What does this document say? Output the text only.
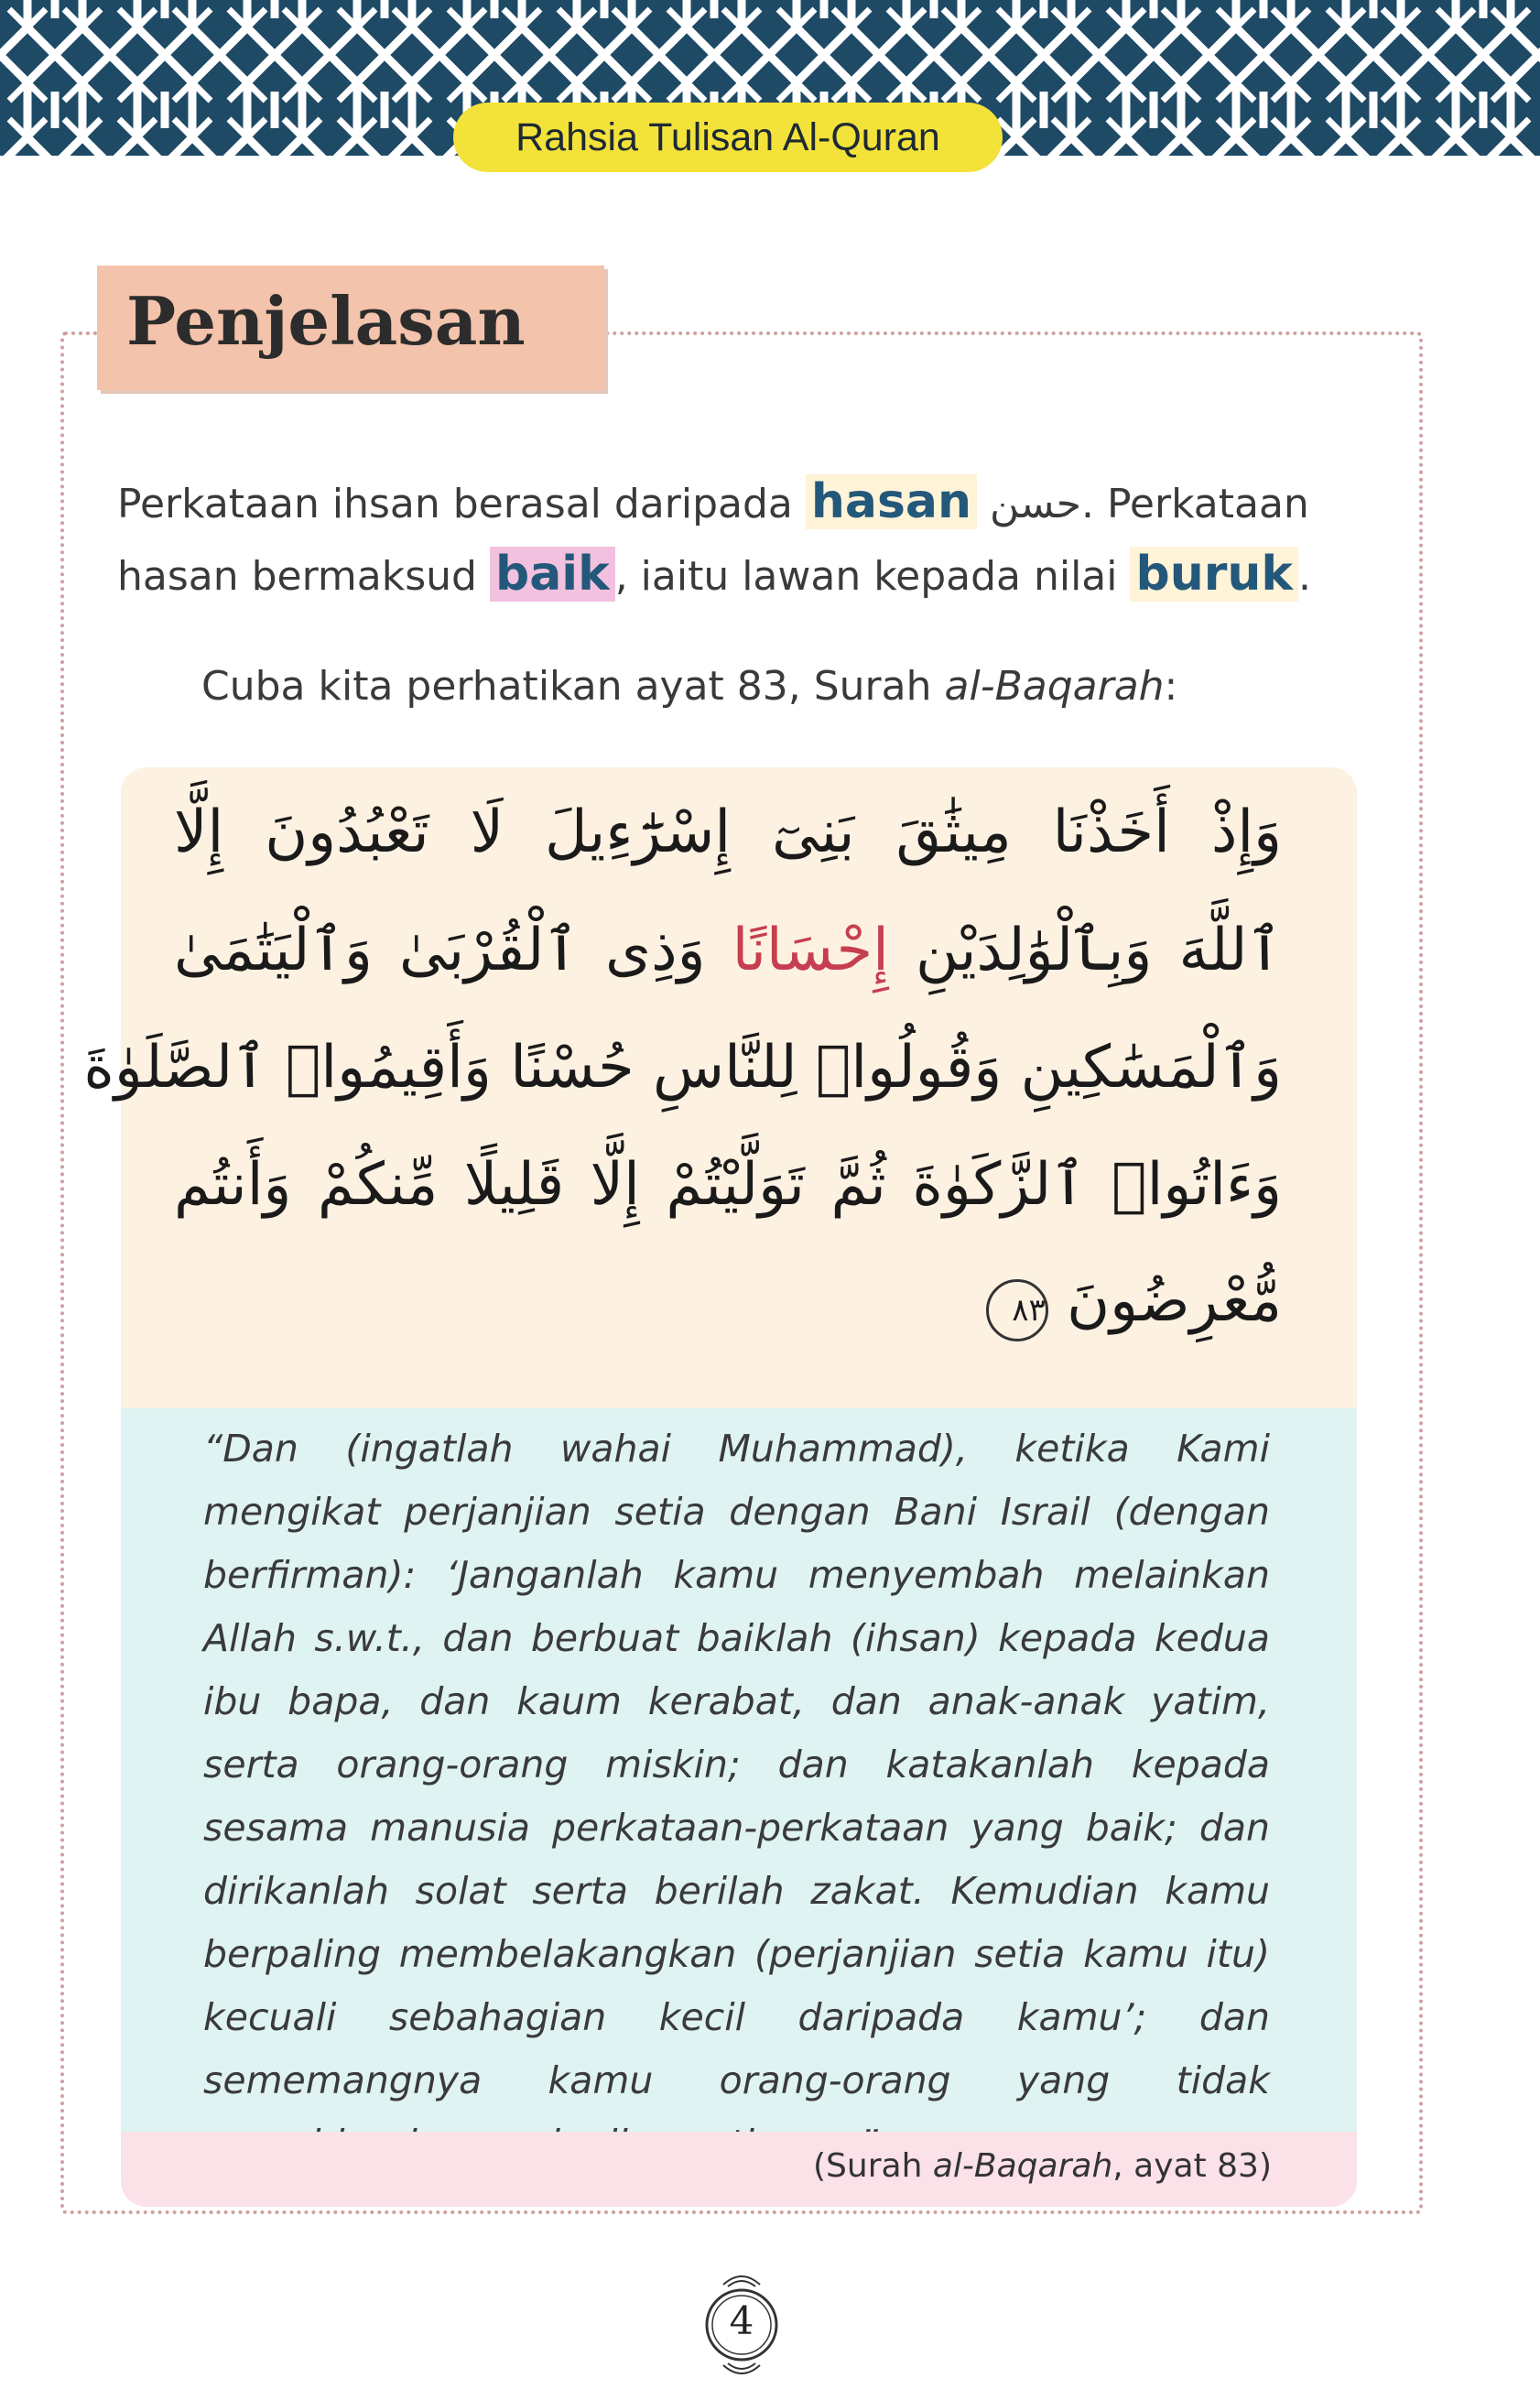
Rahsia Tulisan Al-Quran
Penjelasan
Perkataan ihsan berasal daripada hasan حسن. Perkataan hasan bermaksud baik , iaitu lawan kepada nilai buruk .
Cuba kita perhatikan ayat 83, Surah al-Baqarah:
وَإِذْ أَخَذْنَا مِيثَٰقَ بَنِىٓ إِسْرَٰٓءِيلَ لَا تَعْبُدُونَ إِلَّا
ٱللَّهَ وَبِٱلْوَٰلِدَيْنِ إِحْسَانًا وَذِى ٱلْقُرْبَىٰ وَٱلْيَتَٰمَىٰ
وَٱلْمَسَٰكِينِ وَقُولُوا۟ لِلنَّاسِ حُسْنًا وَأَقِيمُوا۟ ٱلصَّلَوٰةَ
وَءَاتُوا۟ ٱلزَّكَوٰةَ ثُمَّ تَوَلَّيْتُمْ إِلَّا قَلِيلًا مِّنكُمْ وَأَنتُم
مُّعْرِضُونَ ٨٣
“Dan (ingatlah wahai Muhammad), ketika Kami mengikat perjanjian setia dengan Bani Israil (dengan berfirman): ‘Janganlah kamu menyembah melainkan Allah s.w.t., dan berbuat baiklah (ihsan) kepada kedua ibu bapa, dan kaum kerabat, dan anak-anak yatim, serta orang-orang miskin; dan katakanlah kepada sesama manusia perkataan-perkataan yang baik; dan dirikanlah solat serta berilah zakat. Kemudian kamu berpaling membelakangkan (perjanjian setia kamu itu) kecuali sebahagian kecil daripada kamu’; dan sememangnya kamu orang-orang yang tidak
(Surah al-Baqarah, ayat 83)
4
